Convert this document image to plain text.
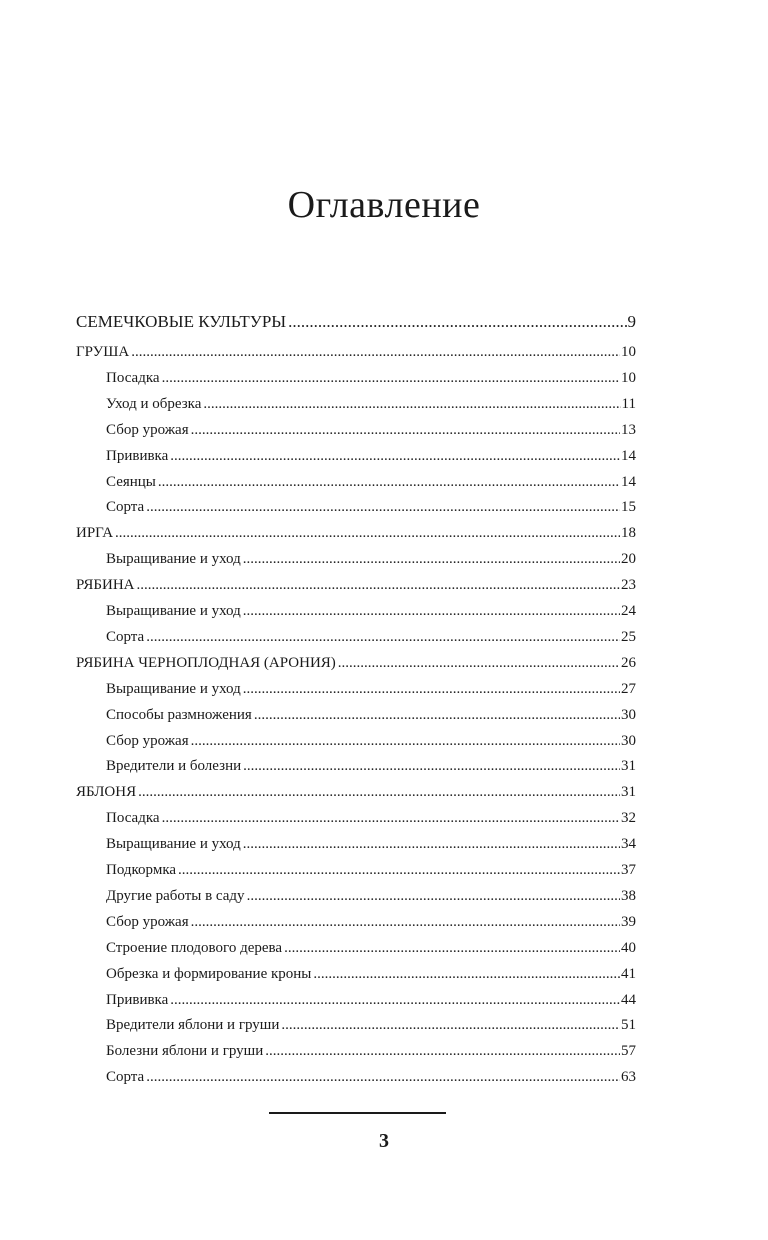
Оглавление
СЕМЕЧКОВЫЕ КУЛЬТУРЫ .....	9
ГРУША .....	10
Посадка .....	10
Уход и обрезка .....	11
Сбор урожая .....	13
Прививка .....	14
Сеянцы .....	14
Сорта .....	15
ИРГА .....	18
Выращивание и уход .....	20
РЯБИНА .....	23
Выращивание и уход .....	24
Сорта .....	25
РЯБИНА ЧЕРНОПЛОДНАЯ (АРОНИЯ) .....	26
Выращивание и уход .....	27
Способы размножения .....	30
Сбор урожая .....	30
Вредители и болезни .....	31
ЯБЛОНЯ .....	31
Посадка .....	32
Выращивание и уход .....	34
Подкормка .....	37
Другие работы в саду .....	38
Сбор урожая .....	39
Строение плодового дерева .....	40
Обрезка и формирование кроны .....	41
Прививка .....	44
Вредители яблони и груши .....	51
Болезни яблони и груши .....	57
Сорта .....	63
3
